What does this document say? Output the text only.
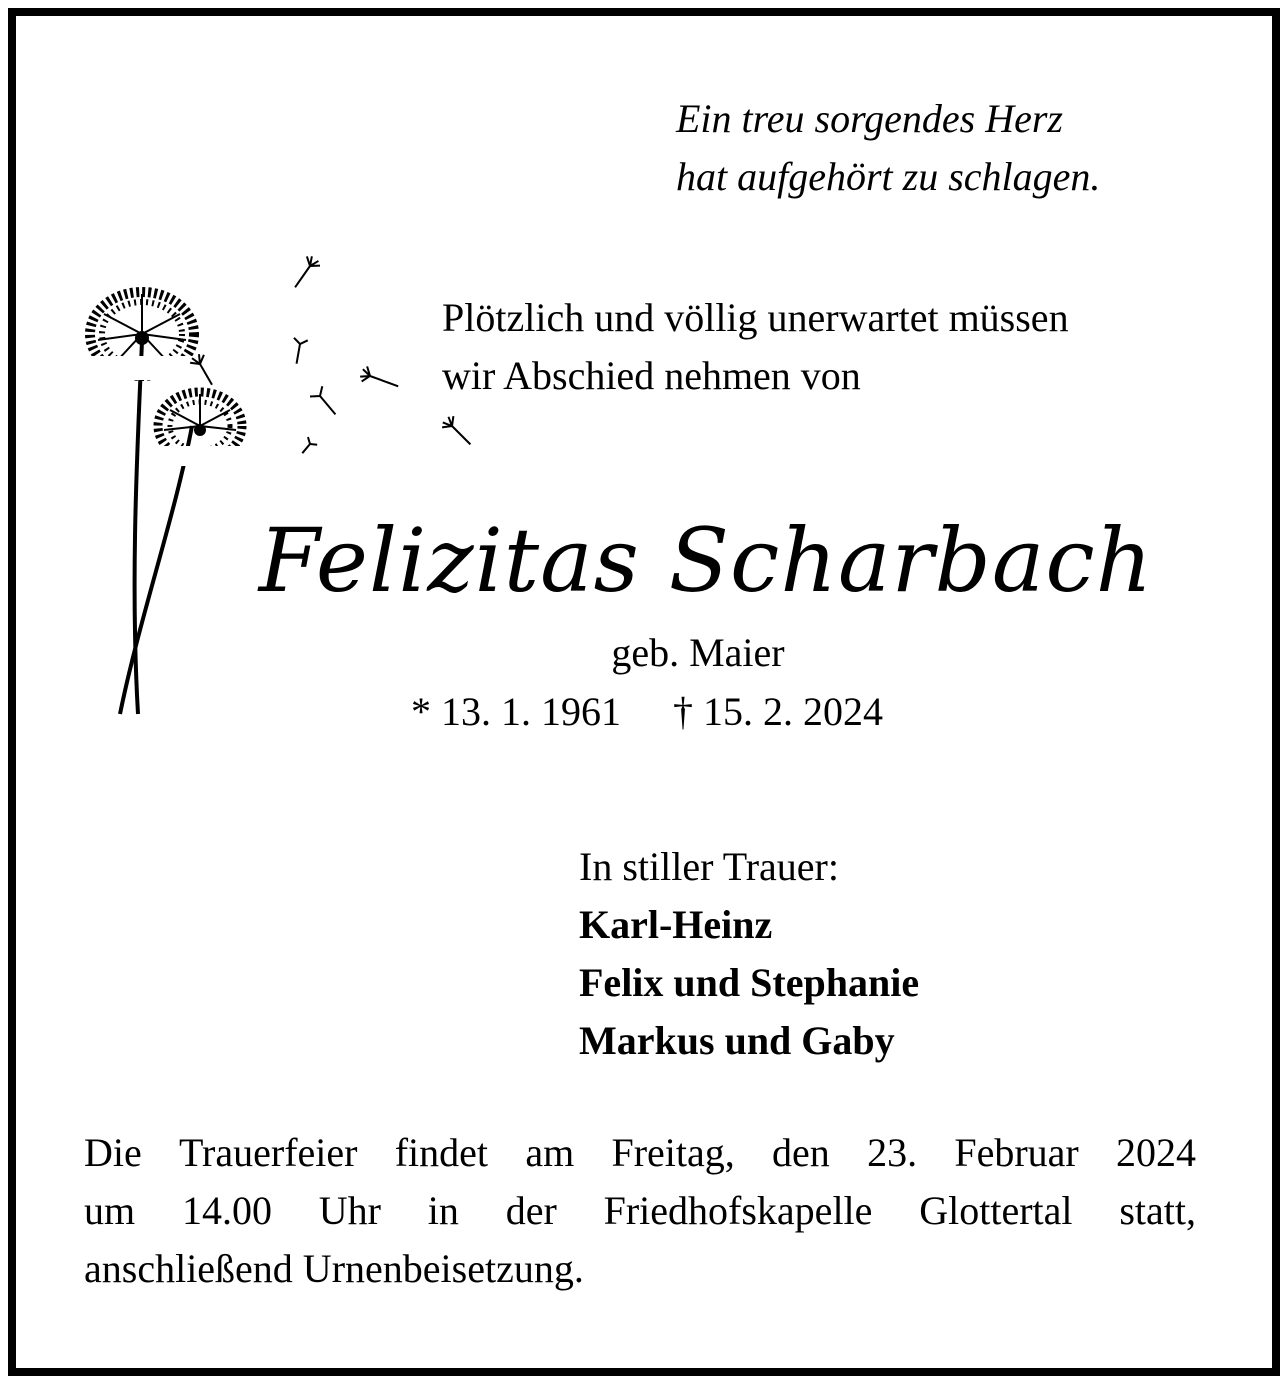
Ein treu sorgendes Herz
hat aufgehört zu schlagen.
Plötzlich und völlig unerwartet müssen
wir Abschied nehmen von
Felizitas Scharbach
geb. Maier
* 13. 1. 1961 † 15. 2. 2024
In stiller Trauer:
Karl-Heinz
Felix und Stephanie
Markus und Gaby
Die Trauerfeier findet am Freitag, den 23. Februar 2024
um 14.00 Uhr in der Friedhofskapelle Glottertal statt,
anschließend Urnenbeisetzung.
